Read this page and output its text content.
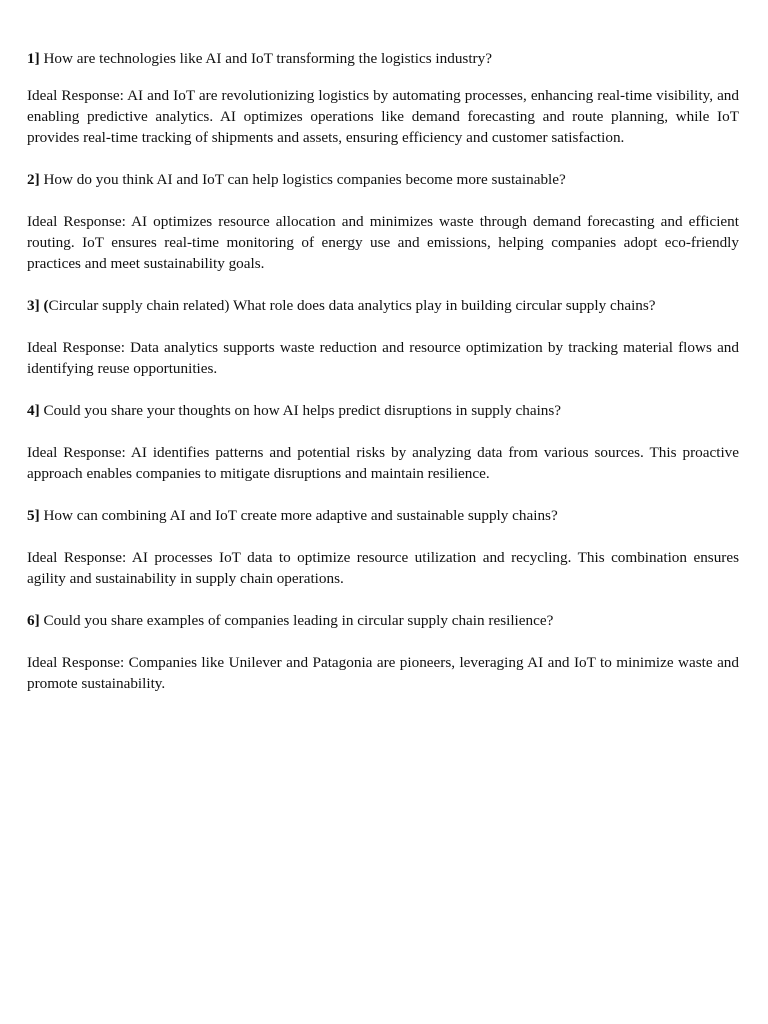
1] How are technologies like AI and IoT transforming the logistics industry?

Ideal Response: AI and IoT are revolutionizing logistics by automating processes, enhancing real-time visibility, and enabling predictive analytics. AI optimizes operations like demand forecasting and route planning, while IoT provides real-time tracking of shipments and assets, ensuring efficiency and customer satisfaction.

2] How do you think AI and IoT can help logistics companies become more sustainable?

Ideal Response: AI optimizes resource allocation and minimizes waste through demand forecasting and efficient routing. IoT ensures real-time monitoring of energy use and emissions, helping companies adopt eco-friendly practices and meet sustainability goals.

3] (Circular supply chain related) What role does data analytics play in building circular supply chains?

Ideal Response: Data analytics supports waste reduction and resource optimization by tracking material flows and identifying reuse opportunities.

4] Could you share your thoughts on how AI helps predict disruptions in supply chains?

Ideal Response: AI identifies patterns and potential risks by analyzing data from various sources. This proactive approach enables companies to mitigate disruptions and maintain resilience.

5] How can combining AI and IoT create more adaptive and sustainable supply chains?

Ideal Response: AI processes IoT data to optimize resource utilization and recycling. This combination ensures agility and sustainability in supply chain operations.

6] Could you share examples of companies leading in circular supply chain resilience?

Ideal Response: Companies like Unilever and Patagonia are pioneers, leveraging AI and IoT to minimize waste and promote sustainability.
